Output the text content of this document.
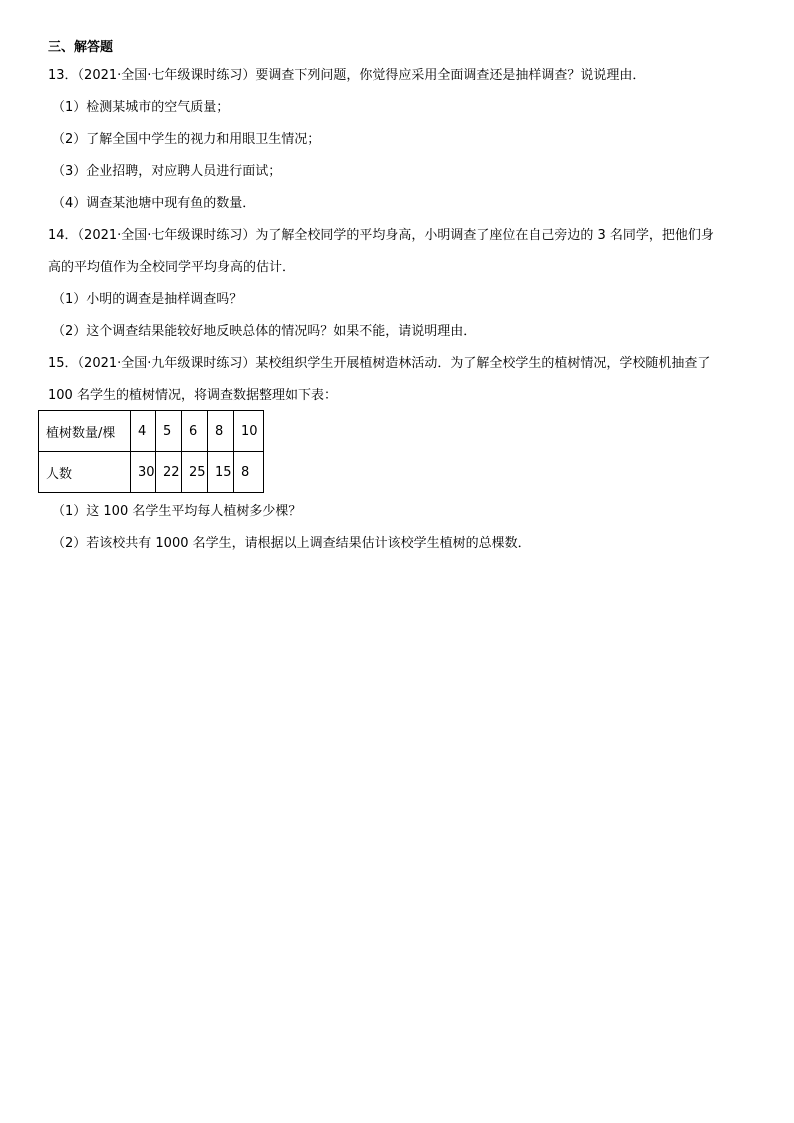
三、解答题
13．（2021·全国·七年级课时练习）要调查下列问题，你觉得应采用全面调查还是抽样调查？说说理由．
（1）检测某城市的空气质量；
（2）了解全国中学生的视力和用眼卫生情况；
（3）企业招聘，对应聘人员进行面试；
（4）调查某池塘中现有鱼的数量．
14．（2021·全国·七年级课时练习）为了解全校同学的平均身高，小明调查了座位在自己旁边的 3 名同学，把他们身
高的平均值作为全校同学平均身高的估计．
（1）小明的调查是抽样调查吗？
（2）这个调查结果能较好地反映总体的情况吗？如果不能，请说明理由．
15．（2021·全国·九年级课时练习）某校组织学生开展植树造林活动．为了解全校学生的植树情况，学校随机抽查了
100 名学生的植树情况，将调查数据整理如下表：
植树数量/棵	4	5	6	8	10
人数	30	22	25	15	8
（1）这 100 名学生平均每人植树多少棵？
（2）若该校共有 1000 名学生，请根据以上调查结果估计该校学生植树的总棵数．
